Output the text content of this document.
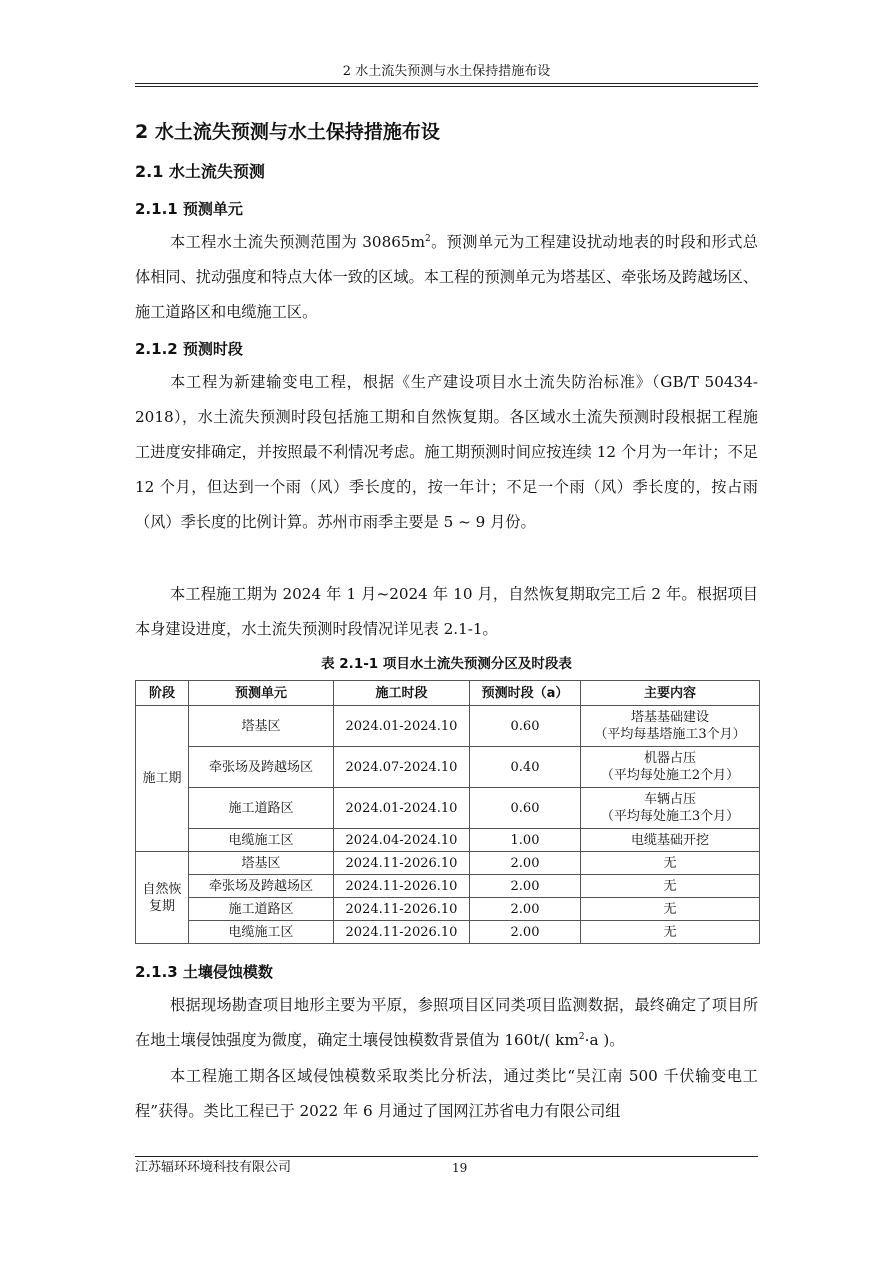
2 水土流失预测与水土保持措施布设
2 水土流失预测与水土保持措施布设
2.1 水土流失预测
2.1.1 预测单元

本工程水土流失预测范围为 $30865m^2$。预测单元为工程建设扰动地表的时段和形式总体相同、扰动强度和特点大体一致的区域。本工程的预测单元为塔基区、牵张场及跨越场区、施工道路区和电缆施工区。

2.1.2 预测时段

本工程为新建输变电工程，根据《生产建设项目水土流失防治标准》（GB/T 50434-2018），水土流失预测时段包括施工期和自然恢复期。各区域水土流失预测时段根据工程施工进度安排确定，并按照最不利情况考虑。施工期预测时间应按连续 12 个月为一年计；不足 12 个月，但达到一个雨（风）季长度的，按一年计；不足一个雨（风）季长度的，按占雨（风）季长度的比例计算。苏州市雨季主要是 5 ~ 9 月份。

本工程施工期为 2024 年 1 月~2024 年 10 月，自然恢复期取完工后 2 年。根据项目本身建设进度，水土流失预测时段情况详见表 2.1-1。

表 2.1-1 项目水土流失预测分区及时段表
阶段	预测单元	施工时段	预测时段（a）	主要内容
施工期	塔基区	2024.01-2024.10	0.60	塔基基础建设
（平均每基塔施工3个月）
	牵张场及跨越场区	2024.07-2024.10	0.40	机器占压
（平均每处施工2个月）
	施工道路区	2024.01-2024.10	0.60	车辆占压
（平均每处施工3个月）
	电缆施工区	2024.04-2024.10	1.00	电缆基础开挖
自然恢复期	塔基区	2024.11-2026.10	2.00	无
	牵张场及跨越场区	2024.11-2026.10	2.00	无
	施工道路区	2024.11-2026.10	2.00	无
	电缆施工区	2024.11-2026.10	2.00	无
2.1.3 土壤侵蚀模数

根据现场勘查项目地形主要为平原，参照项目区同类项目监测数据，最终确定了项目所在地土壤侵蚀强度为微度，确定土壤侵蚀模数背景值为 160t/( $km^2\cdot a$ )。

本工程施工期各区域侵蚀模数采取类比分析法，通过类比“吴江南 500 千伏输变电工程”获得。类比工程已于 2022 年 6 月通过了国网江苏省电力有限公司组

江苏辐环环境科技有限公司	19
